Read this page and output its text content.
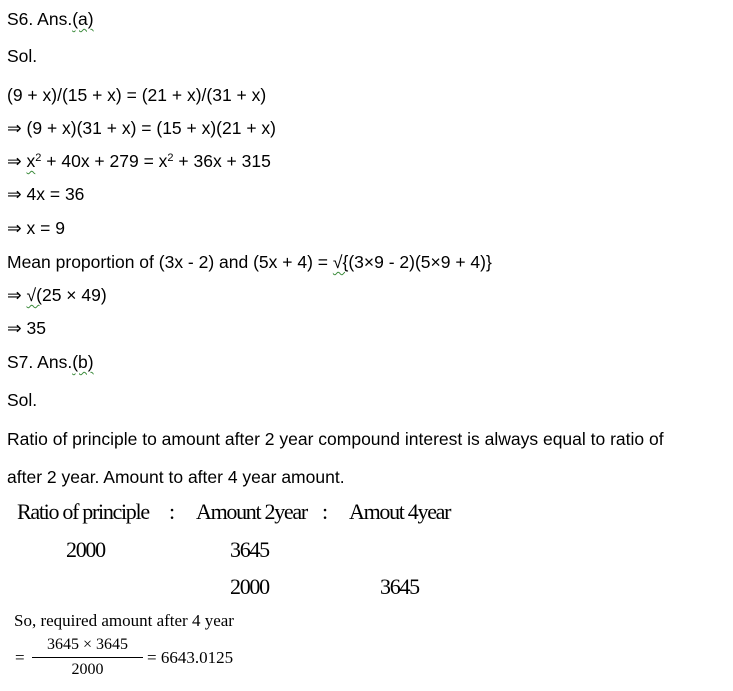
S6. Ans.(a)
Sol.
(9 + x)/(15 + x) = (21 + x)/(31 + x)
⇒ (9 + x)(31 + x) = (15 + x)(21 + x)
⇒ $x^2 + 40x + 279 = x^2 + 36x + 315$
⇒ 4x = 36
⇒ x = 9
Mean proportion of (3x - 2) and (5x + 4) = √{(3×9 - 2)(5×9 + 4)}
⇒ √(25 × 49)
⇒ 35
S7. Ans.(b)
Sol.
Ratio of principle to amount after 2 year compound interest is always equal to ratio of
after 2 year. Amount to after 4 year amount.
Ratio of principle : Amount 2year : Amout 4year
2000	3645
2000	3645
So, required amount after 4 year
=
3645 × 3645
2000
= 6643.0125
